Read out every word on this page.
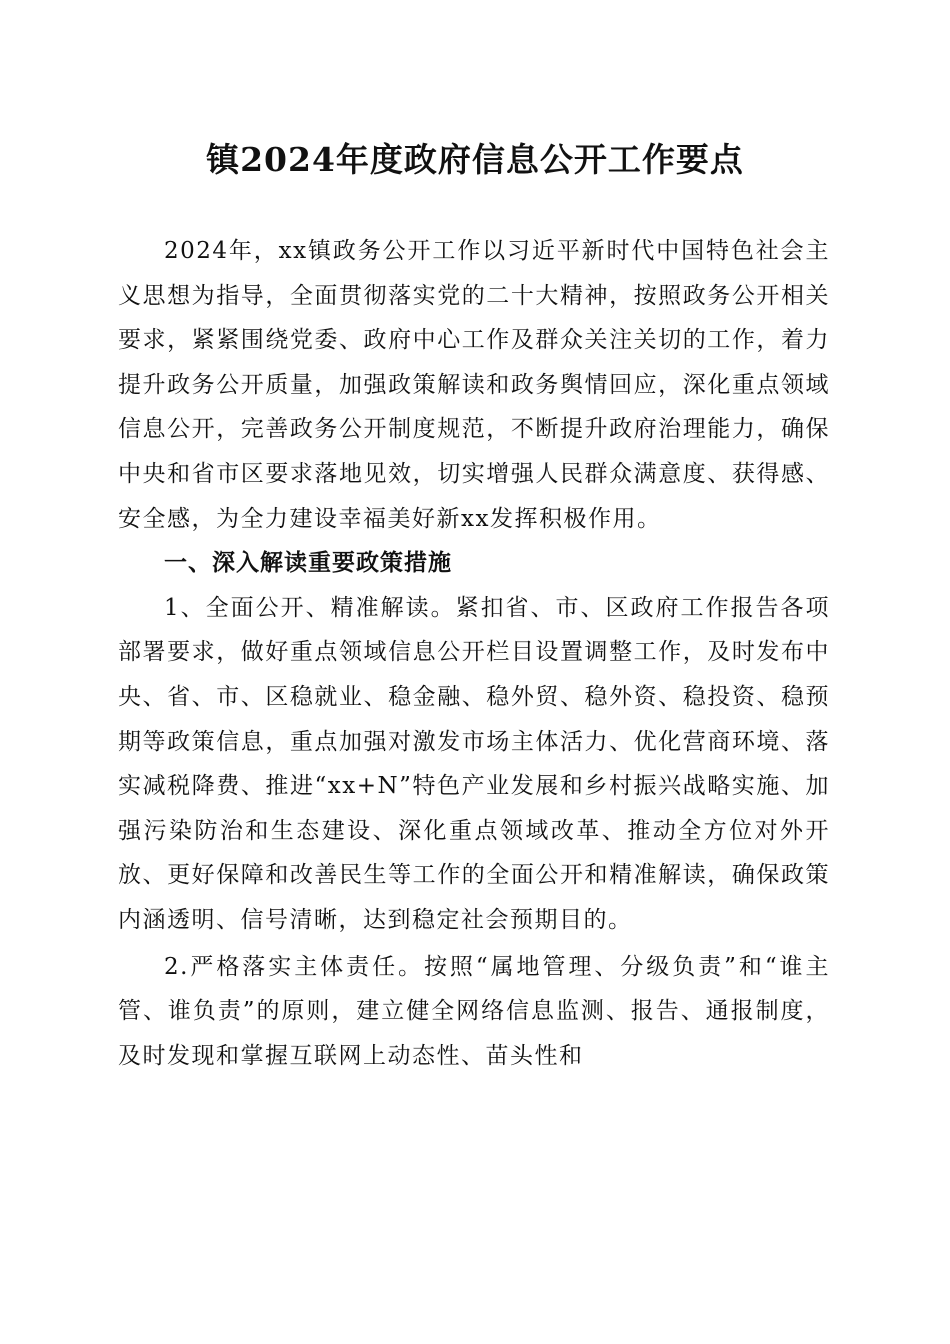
镇2024年度政府信息公开工作要点

2024年，xx镇政务公开工作以习近平新时代中国特色社会主义思想为指导，全面贯彻落实党的二十大精神，按照政务公开相关要求，紧紧围绕党委、政府中心工作及群众关注关切的工作，着力提升政务公开质量，加强政策解读和政务舆情回应，深化重点领域信息公开，完善政务公开制度规范，不断提升政府治理能力，确保中央和省市区要求落地见效，切实增强人民群众满意度、获得感、安全感，为全力建设幸福美好新xx发挥积极作用。

一、深入解读重要政策措施

1、全面公开、精准解读。紧扣省、市、区政府工作报告各项部署要求，做好重点领域信息公开栏目设置调整工作，及时发布中央、省、市、区稳就业、稳金融、稳外贸、稳外资、稳投资、稳预期等政策信息，重点加强对激发市场主体活力、优化营商环境、落实减税降费、推进“xx+N”特色产业发展和乡村振兴战略实施、加强污染防治和生态建设、深化重点领域改革、推动全方位对外开放、更好保障和改善民生等工作的全面公开和精准解读，确保政策内涵透明、信号清晰，达到稳定社会预期目的。

2.严格落实主体责任。按照“属地管理、分级负责”和“谁主管、谁负责”的原则，建立健全网络信息监测、报告、通报制度，及时发现和掌握互联网上动态性、苗头性和
